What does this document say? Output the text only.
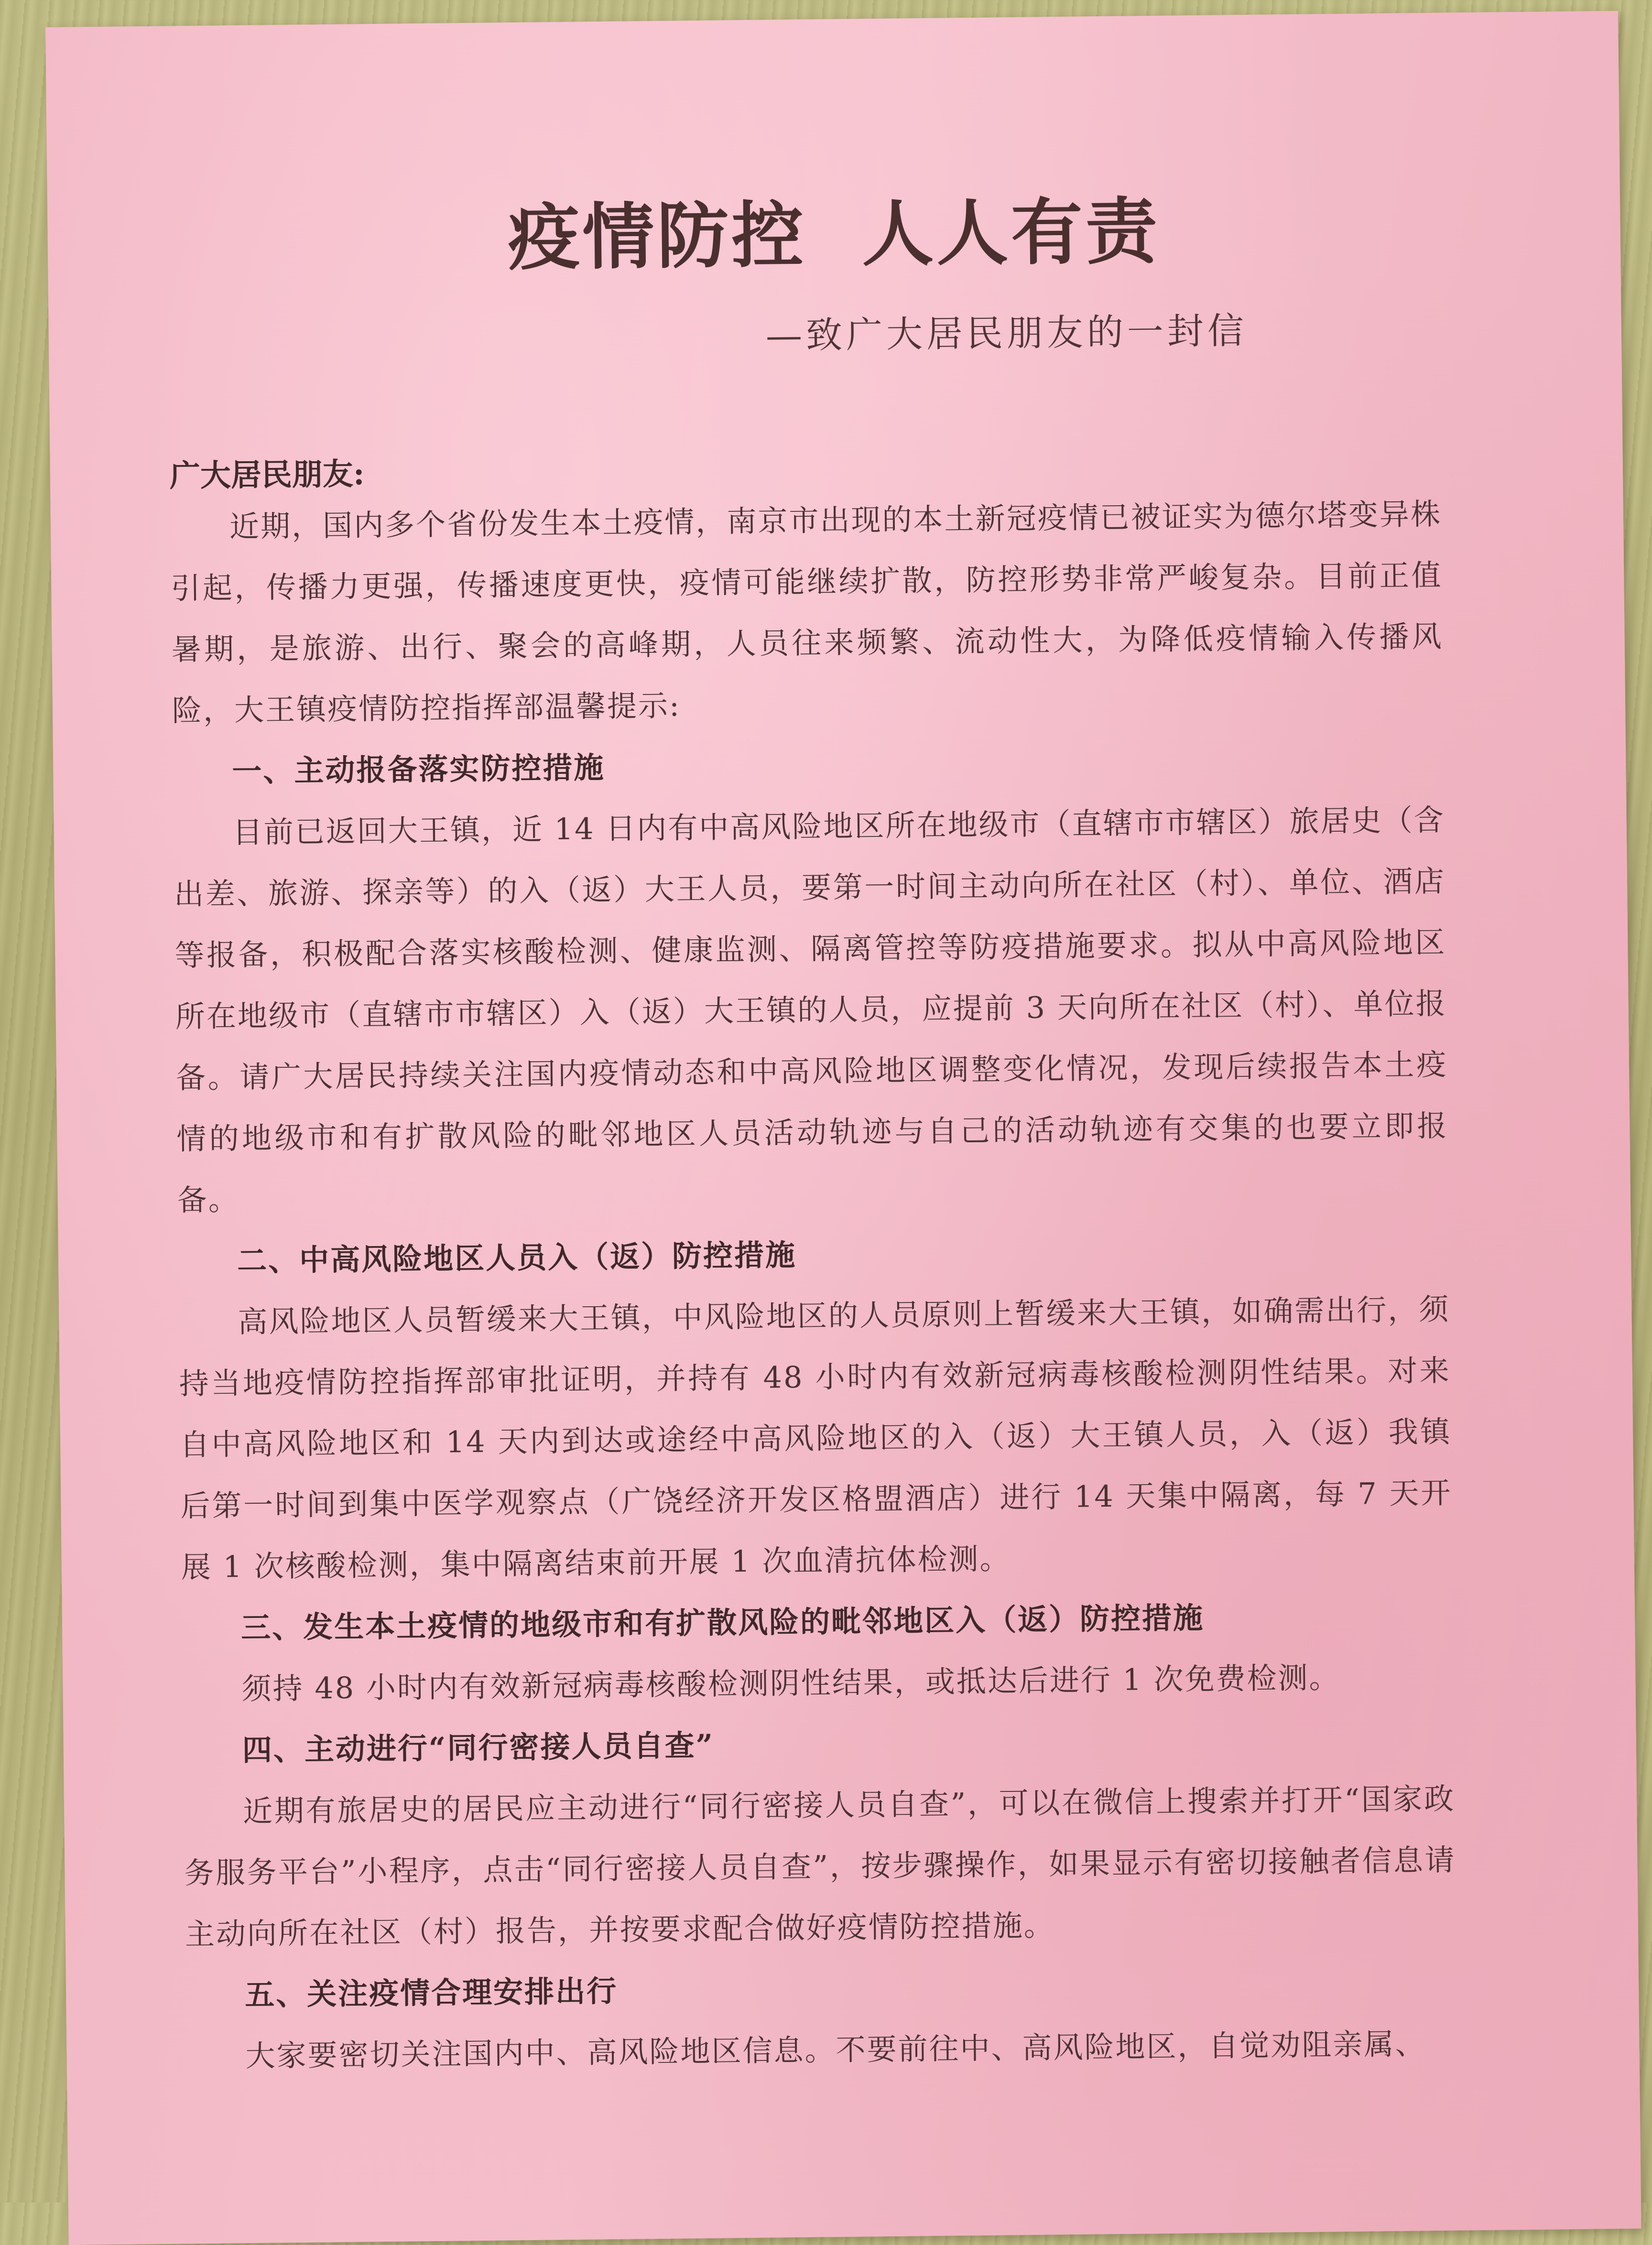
疫情防控  人人有责
—致广大居民朋友的一封信
广大居民朋友:

近期，国内多个省份发生本土疫情，南京市出现的本土新冠疫情已被证实为德尔塔变异株引起，传播力更强，传播速度更快，疫情可能继续扩散，防控形势非常严峻复杂。目前正值暑期，是旅游、出行、聚会的高峰期，人员往来频繁、流动性大，为降低疫情输入传播风险，大王镇疫情防控指挥部温馨提示:

一、主动报备落实防控措施

目前已返回大王镇，近 14 日内有中高风险地区所在地级市（直辖市市辖区）旅居史（含出差、旅游、探亲等）的入（返）大王人员，要第一时间主动向所在社区（村）、单位、酒店等报备，积极配合落实核酸检测、健康监测、隔离管控等防疫措施要求。拟从中高风险地区所在地级市（直辖市市辖区）入（返）大王镇的人员，应提前 3 天向所在社区（村）、单位报备。请广大居民持续关注国内疫情动态和中高风险地区调整变化情况，发现后续报告本土疫情的地级市和有扩散风险的毗邻地区人员活动轨迹与自己的活动轨迹有交集的也要立即报备。

二、中高风险地区人员入（返）防控措施

高风险地区人员暂缓来大王镇，中风险地区的人员原则上暂缓来大王镇，如确需出行，须持当地疫情防控指挥部审批证明，并持有 48 小时内有效新冠病毒核酸检测阴性结果。对来自中高风险地区和 14 天内到达或途经中高风险地区的入（返）大王镇人员，入（返）我镇后第一时间到集中医学观察点（广饶经济开发区格盟酒店）进行 14 天集中隔离，每 7 天开展 1 次核酸检测，集中隔离结束前开展 1 次血清抗体检测。

三、发生本土疫情的地级市和有扩散风险的毗邻地区入（返）防控措施

须持 48 小时内有效新冠病毒核酸检测阴性结果，或抵达后进行 1 次免费检测。

四、主动进行“同行密接人员自查”

近期有旅居史的居民应主动进行“同行密接人员自查”，可以在微信上搜索并打开“国家政务服务平台”小程序，点击“同行密接人员自查”，按步骤操作，如果显示有密切接触者信息请主动向所在社区（村）报告，并按要求配合做好疫情防控措施。

五、关注疫情合理安排出行

大家要密切关注国内中、高风险地区信息。不要前往中、高风险地区，自觉劝阻亲属、
